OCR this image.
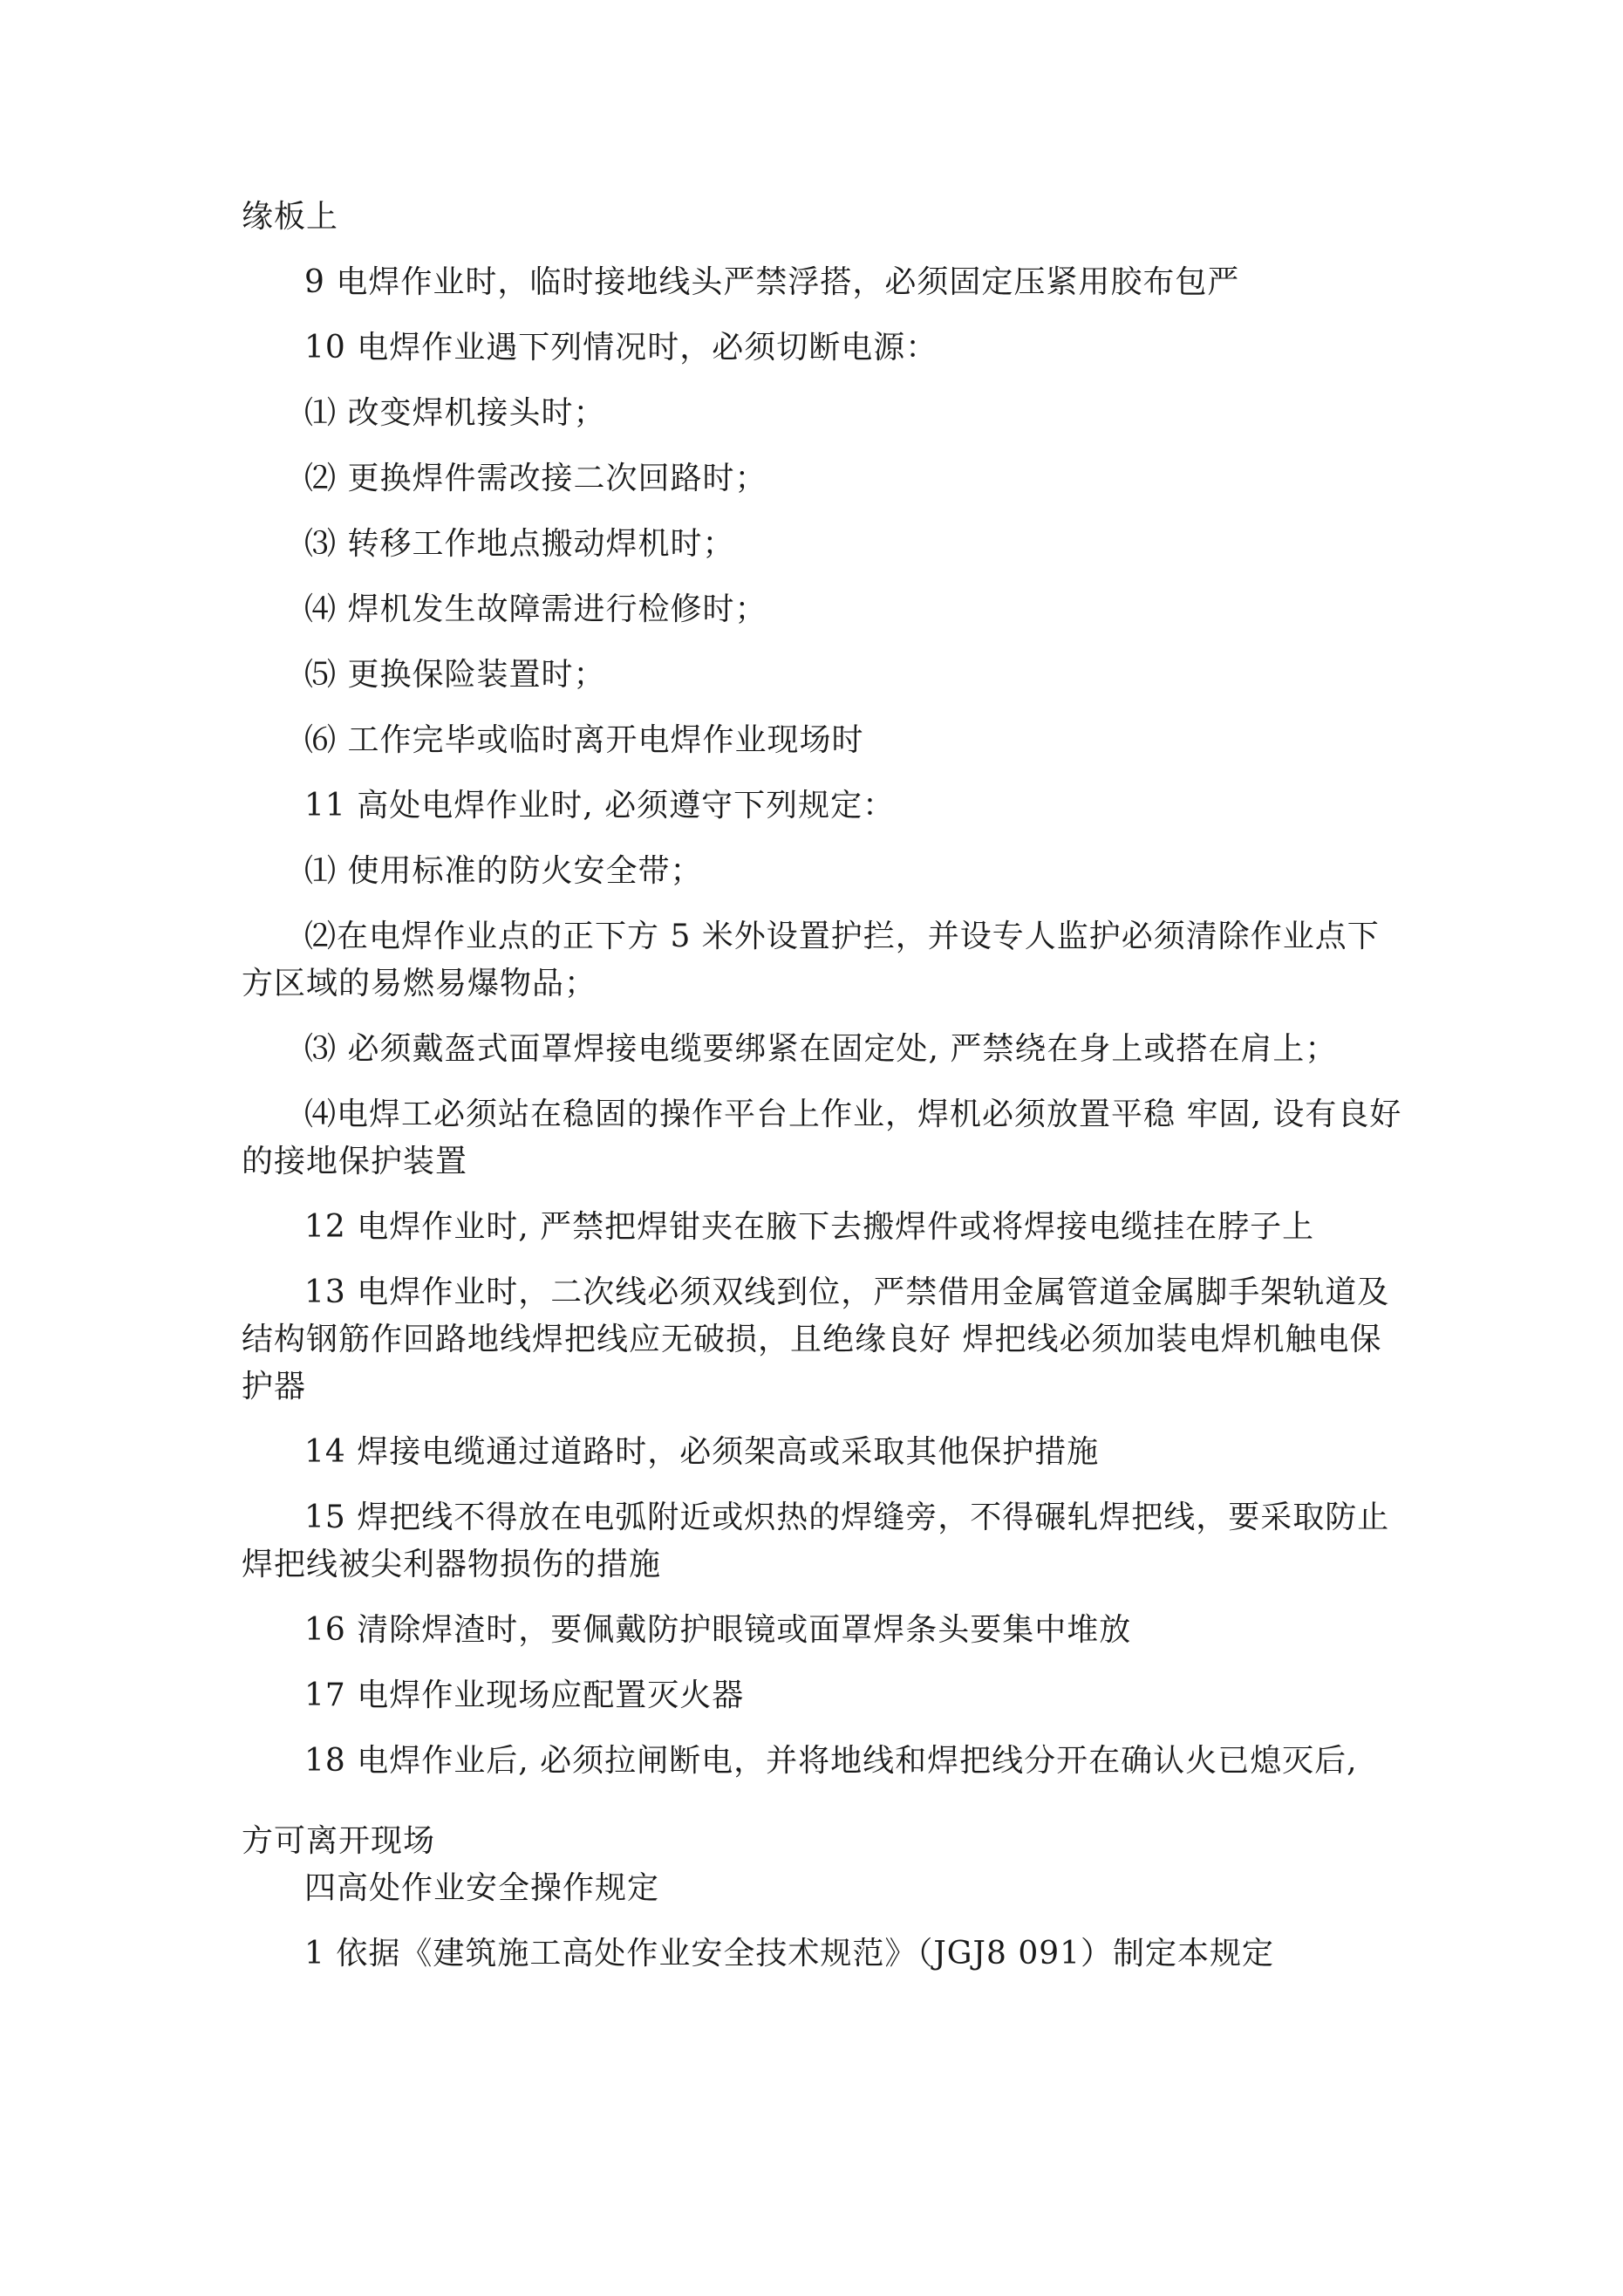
缘板上

9 电焊作业时，临时接地线头严禁浮搭，必须固定压紧用胶布包严

10 电焊作业遇下列情况时，必须切断电源：

⑴ 改变焊机接头时；

⑵ 更换焊件需改接二次回路时；

⑶ 转移工作地点搬动焊机时；

⑷ 焊机发生故障需进行检修时；

⑸ 更换保险装置时；

⑹ 工作完毕或临时离开电焊作业现场时

11 高处电焊作业时, 必须遵守下列规定：

⑴ 使用标准的防火安全带；

⑵在电焊作业点的正下方 5 米外设置护拦，并设专人监护必须清除作业点下方区域的易燃易爆物品；

⑶ 必须戴盔式面罩焊接电缆要绑紧在固定处, 严禁绕在身上或搭在肩上；

⑷电焊工必须站在稳固的操作平台上作业，焊机必须放置平稳 牢固, 设有良好的接地保护装置

12 电焊作业时, 严禁把焊钳夹在腋下去搬焊件或将焊接电缆挂在脖子上

13 电焊作业时，二次线必须双线到位，严禁借用金属管道金属脚手架轨道及结构钢筋作回路地线焊把线应无破损，且绝缘良好 焊把线必须加装电焊机触电保护器

14 焊接电缆通过道路时，必须架高或采取其他保护措施

15 焊把线不得放在电弧附近或炽热的焊缝旁，不得碾轧焊把线，要采取防止焊把线被尖利器物损伤的措施

16 清除焊渣时，要佩戴防护眼镜或面罩焊条头要集中堆放

17 电焊作业现场应配置灭火器

18 电焊作业后, 必须拉闸断电，并将地线和焊把线分开在确认火已熄灭后,

方可离开现场

四高处作业安全操作规定

1 依据《建筑施工高处作业安全技术规范》（JGJ8 091）制定本规定
